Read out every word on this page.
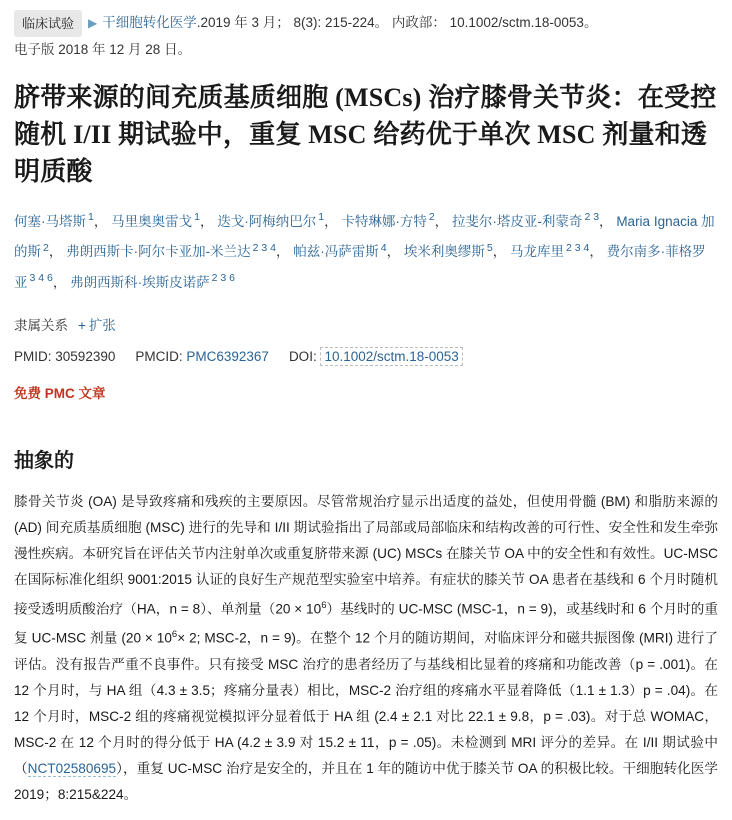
临床试验 ▶ 干细胞转化医学.2019 年 3 月； 8(3): 215-224。 内政部： 10.1002/sctm.18-0053。
电子版 2018 年 12 月 28 日。
脐带来源的间充质基质细胞 (MSCs) 治疗膝骨关节炎：在受控随机 I/II 期试验中，重复 MSC 给药优于单次 MSC 剂量和透明质酸
何塞·马塔斯 $^1$， 马里奥奥雷戈 $^1$， 迭戈·阿梅纳巴尔 $^1$， 卡特琳娜·方特 $^2$， 拉斐尔·塔皮亚-利蒙奇 $^{2 3}$， Maria Ignacia 加的斯 $^2$， 弗朗西斯卡·阿尔卡亚加-米兰达 $^{2 3 4}$， 帕兹·冯萨雷斯 $^4$， 埃米利奥缪斯 $^5$， 马龙库里 $^{2 3 4}$， 费尔南多·菲格罗亚 $^{3 4 6}$， 弗朗西斯科·埃斯皮诺萨 $^{2 3 6}$
隶属关系 + 扩张
PMID: 30592390 PMCID: PMC6392367 DOI: 10.1002/sctm.18-0053
免费 PMC 文章
抽象的
膝骨关节炎 (OA) 是导致疼痛和残疾的主要原因。尽管常规治疗显示出适度的益处，但使用骨髓 (BM) 和脂肪来源的 (AD) 间充质基质细胞 (MSC) 进行的先导和 I/II 期试验指出了局部或局部临床和结构改善的可行性、安全性和发生牵弥漫性疾病。本研究旨在评估关节内注射单次或重复脐带来源 (UC) MSCs 在膝关节 OA 中的安全性和有效性。UC-MSC 在国际标准化组织 9001:2015 认证的良好生产规范型实验室中培养。有症状的膝关节 OA 患者在基线和 6 个月时随机接受透明质酸治疗（HA，n = 8）、单剂量$(20 \times 10^6)$基线时的 UC-MSC (MSC-1，n = 9)，或基线时和 6 个月时的重复 UC-MSC 剂量 ($20 \times 10^6\times 2$; MSC-2，n = 9)。在整个 12 个月的随访期间，对临床评分和磁共振图像 (MRI) 进行了评估。没有报告严重不良事件。只有接受 MSC 治疗的患者经历了与基线相比显着的疼痛和功能改善（p = .001)。在 12 个月时，与 HA 组（4.3 ± 3.5；疼痛分量表）相比，MSC-2 治疗组的疼痛水平显着降低（1.1 ± 1.3）p = .04)。在 12 个月时，MSC-2 组的疼痛视觉模拟评分显着低于 HA 组 (2.4 ± 2.1 对比 22.1 ± 9.8，p = .03)。对于总 WOMAC，MSC-2 在 12 个月时的得分低于 HA (4.2 ± 3.9 对 15.2 ± 11，p = .05)。未检测到 MRI 评分的差异。在 I/II 期试验中（NCT02580695），重复 UC-MSC 治疗是安全的，并且在 1 年的随访中优于膝关节 OA 的积极比较。干细胞转化医学 2019；8:215&224。
